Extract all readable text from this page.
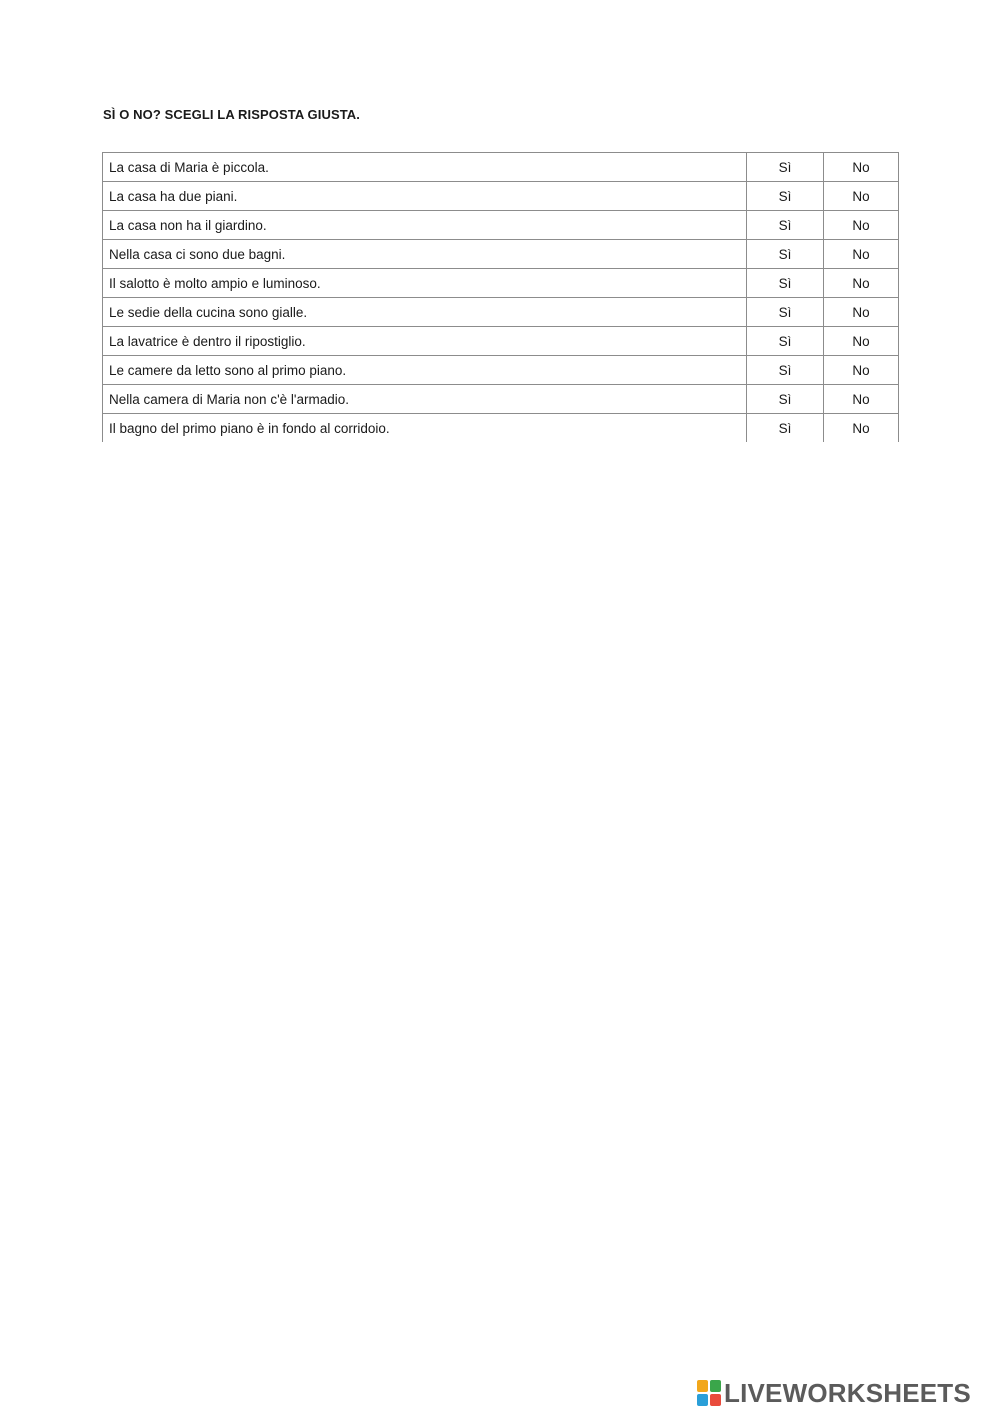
SÌ O NO? SCEGLI LA RISPOSTA GIUSTA.
La casa di Maria è piccola.	Sì	No
La casa ha due piani.	Sì	No
La casa non ha il giardino.	Sì	No
Nella casa ci sono due bagni.	Sì	No
Il salotto è molto ampio e luminoso.	Sì	No
Le sedie della cucina sono gialle.	Sì	No
La lavatrice è dentro il ripostiglio.	Sì	No
Le camere da letto sono al primo piano.	Sì	No
Nella camera di Maria non c'è l'armadio.	Sì	No
Il bagno del primo piano è in fondo al corridoio.	Sì	No
LIVEWORKSHEETS
